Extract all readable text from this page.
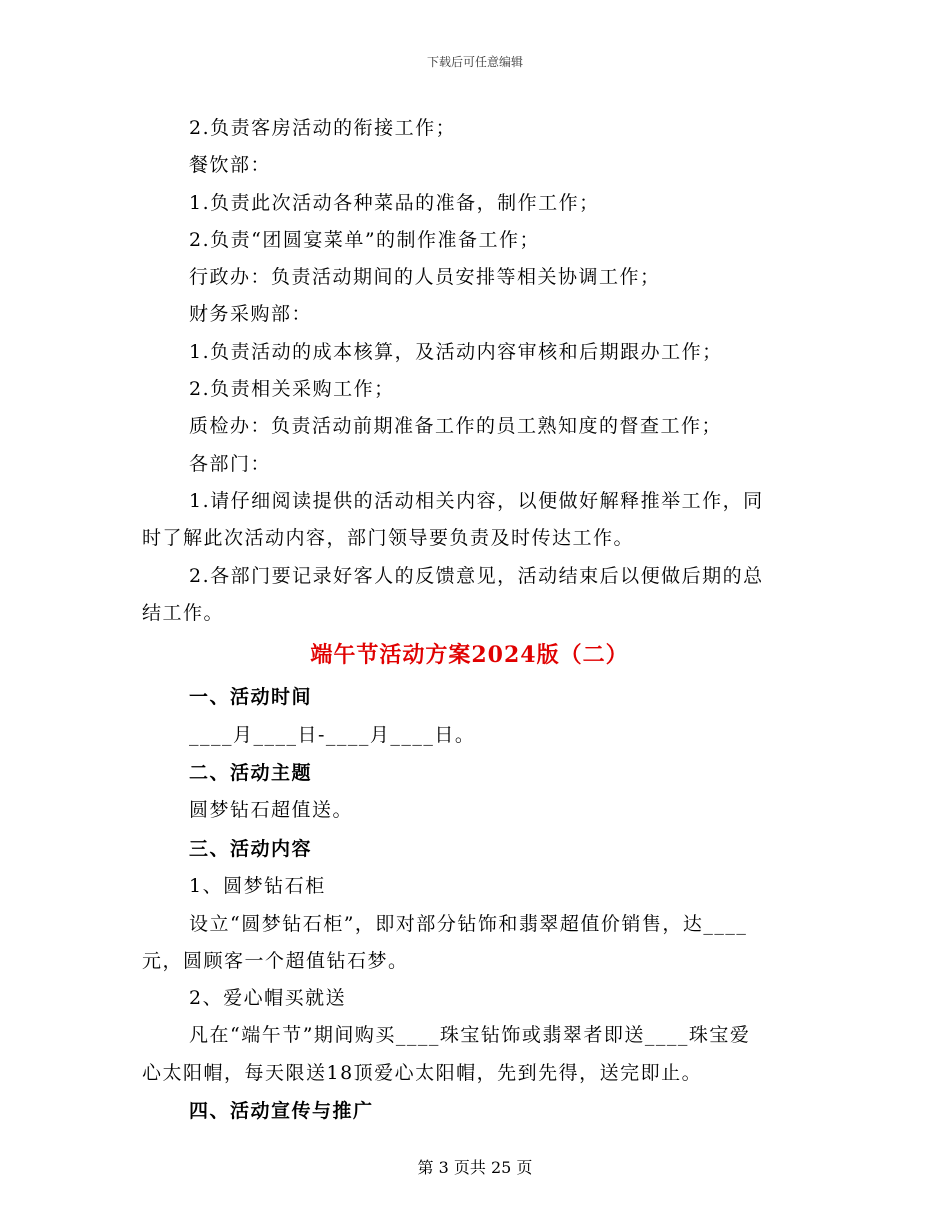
下载后可任意编辑
2.负责客房活动的衔接工作；
餐饮部：
1.负责此次活动各种菜品的准备，制作工作；
2.负责“团圆宴菜单”的制作准备工作；
行政办：负责活动期间的人员安排等相关协调工作；
财务采购部：
1.负责活动的成本核算，及活动内容审核和后期跟办工作；
2.负责相关采购工作；
质检办：负责活动前期准备工作的员工熟知度的督查工作；
各部门：
1.请仔细阅读提供的活动相关内容，以便做好解释推举工作，同
时了解此次活动内容，部门领导要负责及时传达工作。
2.各部门要记录好客人的反馈意见，活动结束后以便做后期的总
结工作。
端午节活动方案2024版（二）
一、活动时间
____月____日-____月____日。
二、活动主题
圆梦钻石超值送。
三、活动内容
1、圆梦钻石柜
设立“圆梦钻石柜”，即对部分钻饰和翡翠超值价销售，达____
元，圆顾客一个超值钻石梦。
2、爱心帽买就送
凡在“端午节”期间购买____珠宝钻饰或翡翠者即送____珠宝爱
心太阳帽，每天限送18顶爱心太阳帽，先到先得，送完即止。
四、活动宣传与推广
第 3 页共 25 页
